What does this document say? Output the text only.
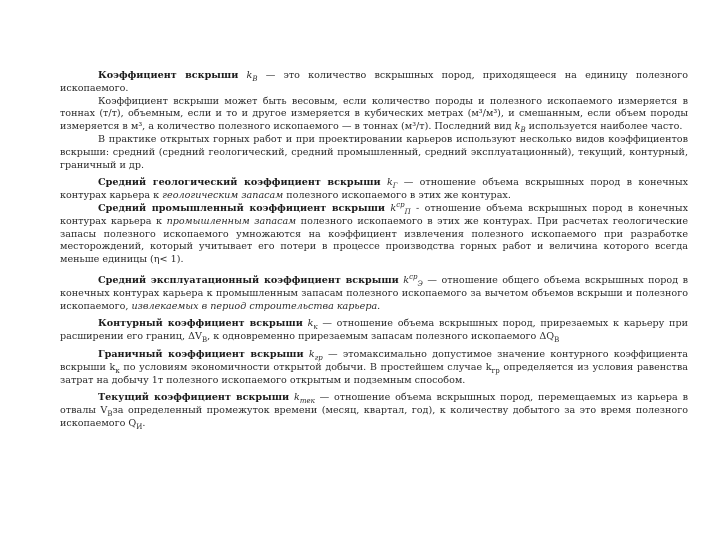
Коэффициент вскрыши $k_В$ — это количество вскрышных пород, приходящееся на единицу полезного ископаемого.

Коэффициент вскрыши может быть весовым, если количество породы и полезного ископаемого измеряется в тоннах (т/т), объемным, если и то и другое измеряется в кубических метрах (м³/м³), и смешанным, если объем породы измеряется в м³, а количество полезного ископаемого — в тоннах (м³/т). Последний вид $k_В$ используется наиболее часто.

В практике открытых горных работ и при проектировании карьеров используют несколько видов коэффициентов вскрыши: средний (средний геологический, средний промышленный, средний эксплуатационный), текущий, контурный, граничный и др.

Средний геологический коэффициент вскрыши $k_Г$ — отношение объема вскрышных пород в конечных контурах карьера к геологическим запасам полезного ископаемого в этих же контурах.

Средний промышленный коэффициент вскрыши $k^{ср}_П$ - отношение объема вскрышных пород в конечных контурах карьера к промышленным запасам полезного ископаемого в этих же контурах. При расчетах геологические запасы полезного ископаемого умножаются на коэффициент извлечения полезного ископаемого при разработке месторождений, который учитывает его потери в процессе производства горных работ и величина которого всегда меньше единицы (η< 1).

Средний эксплуатационный коэффициент вскрыши $k^{ср}_Э$ — отношение общего объема вскрышных пород в конечных контурах карьера к промышленным запасам полезного ископаемого за вычетом объемов вскрыши и полезного ископаемого, извлекаемых в период строительства карьера.

Контурный коэффициент вскрыши $k_к$ — отношение объема вскрышных пород, прирезаемых к карьеру при расширении его границ, $\Delta V_В$, к одновременно прирезаемым запасам полезного ископаемого $\Delta Q_В$

Граничный коэффициент вскрыши $k_{гр}$ — этомаксимально допустимое значение контурного коэффициента вскрыши $k_к$ по условиям экономичности открытой добычи. В простейшем случае $k_{гр}$ определяется из условия равенства затрат на добычу 1т полезного ископаемого открытым и подземным способом.

Текущий коэффициент вскрыши $k_{тек}$ — отношение объема вскрышных пород, перемещаемых из карьера в отвалы $V_Вза$ определенный промежуток времени (месяц, квартал, год), к количеству добытого за это время полезного ископаемого $Q_И$.
